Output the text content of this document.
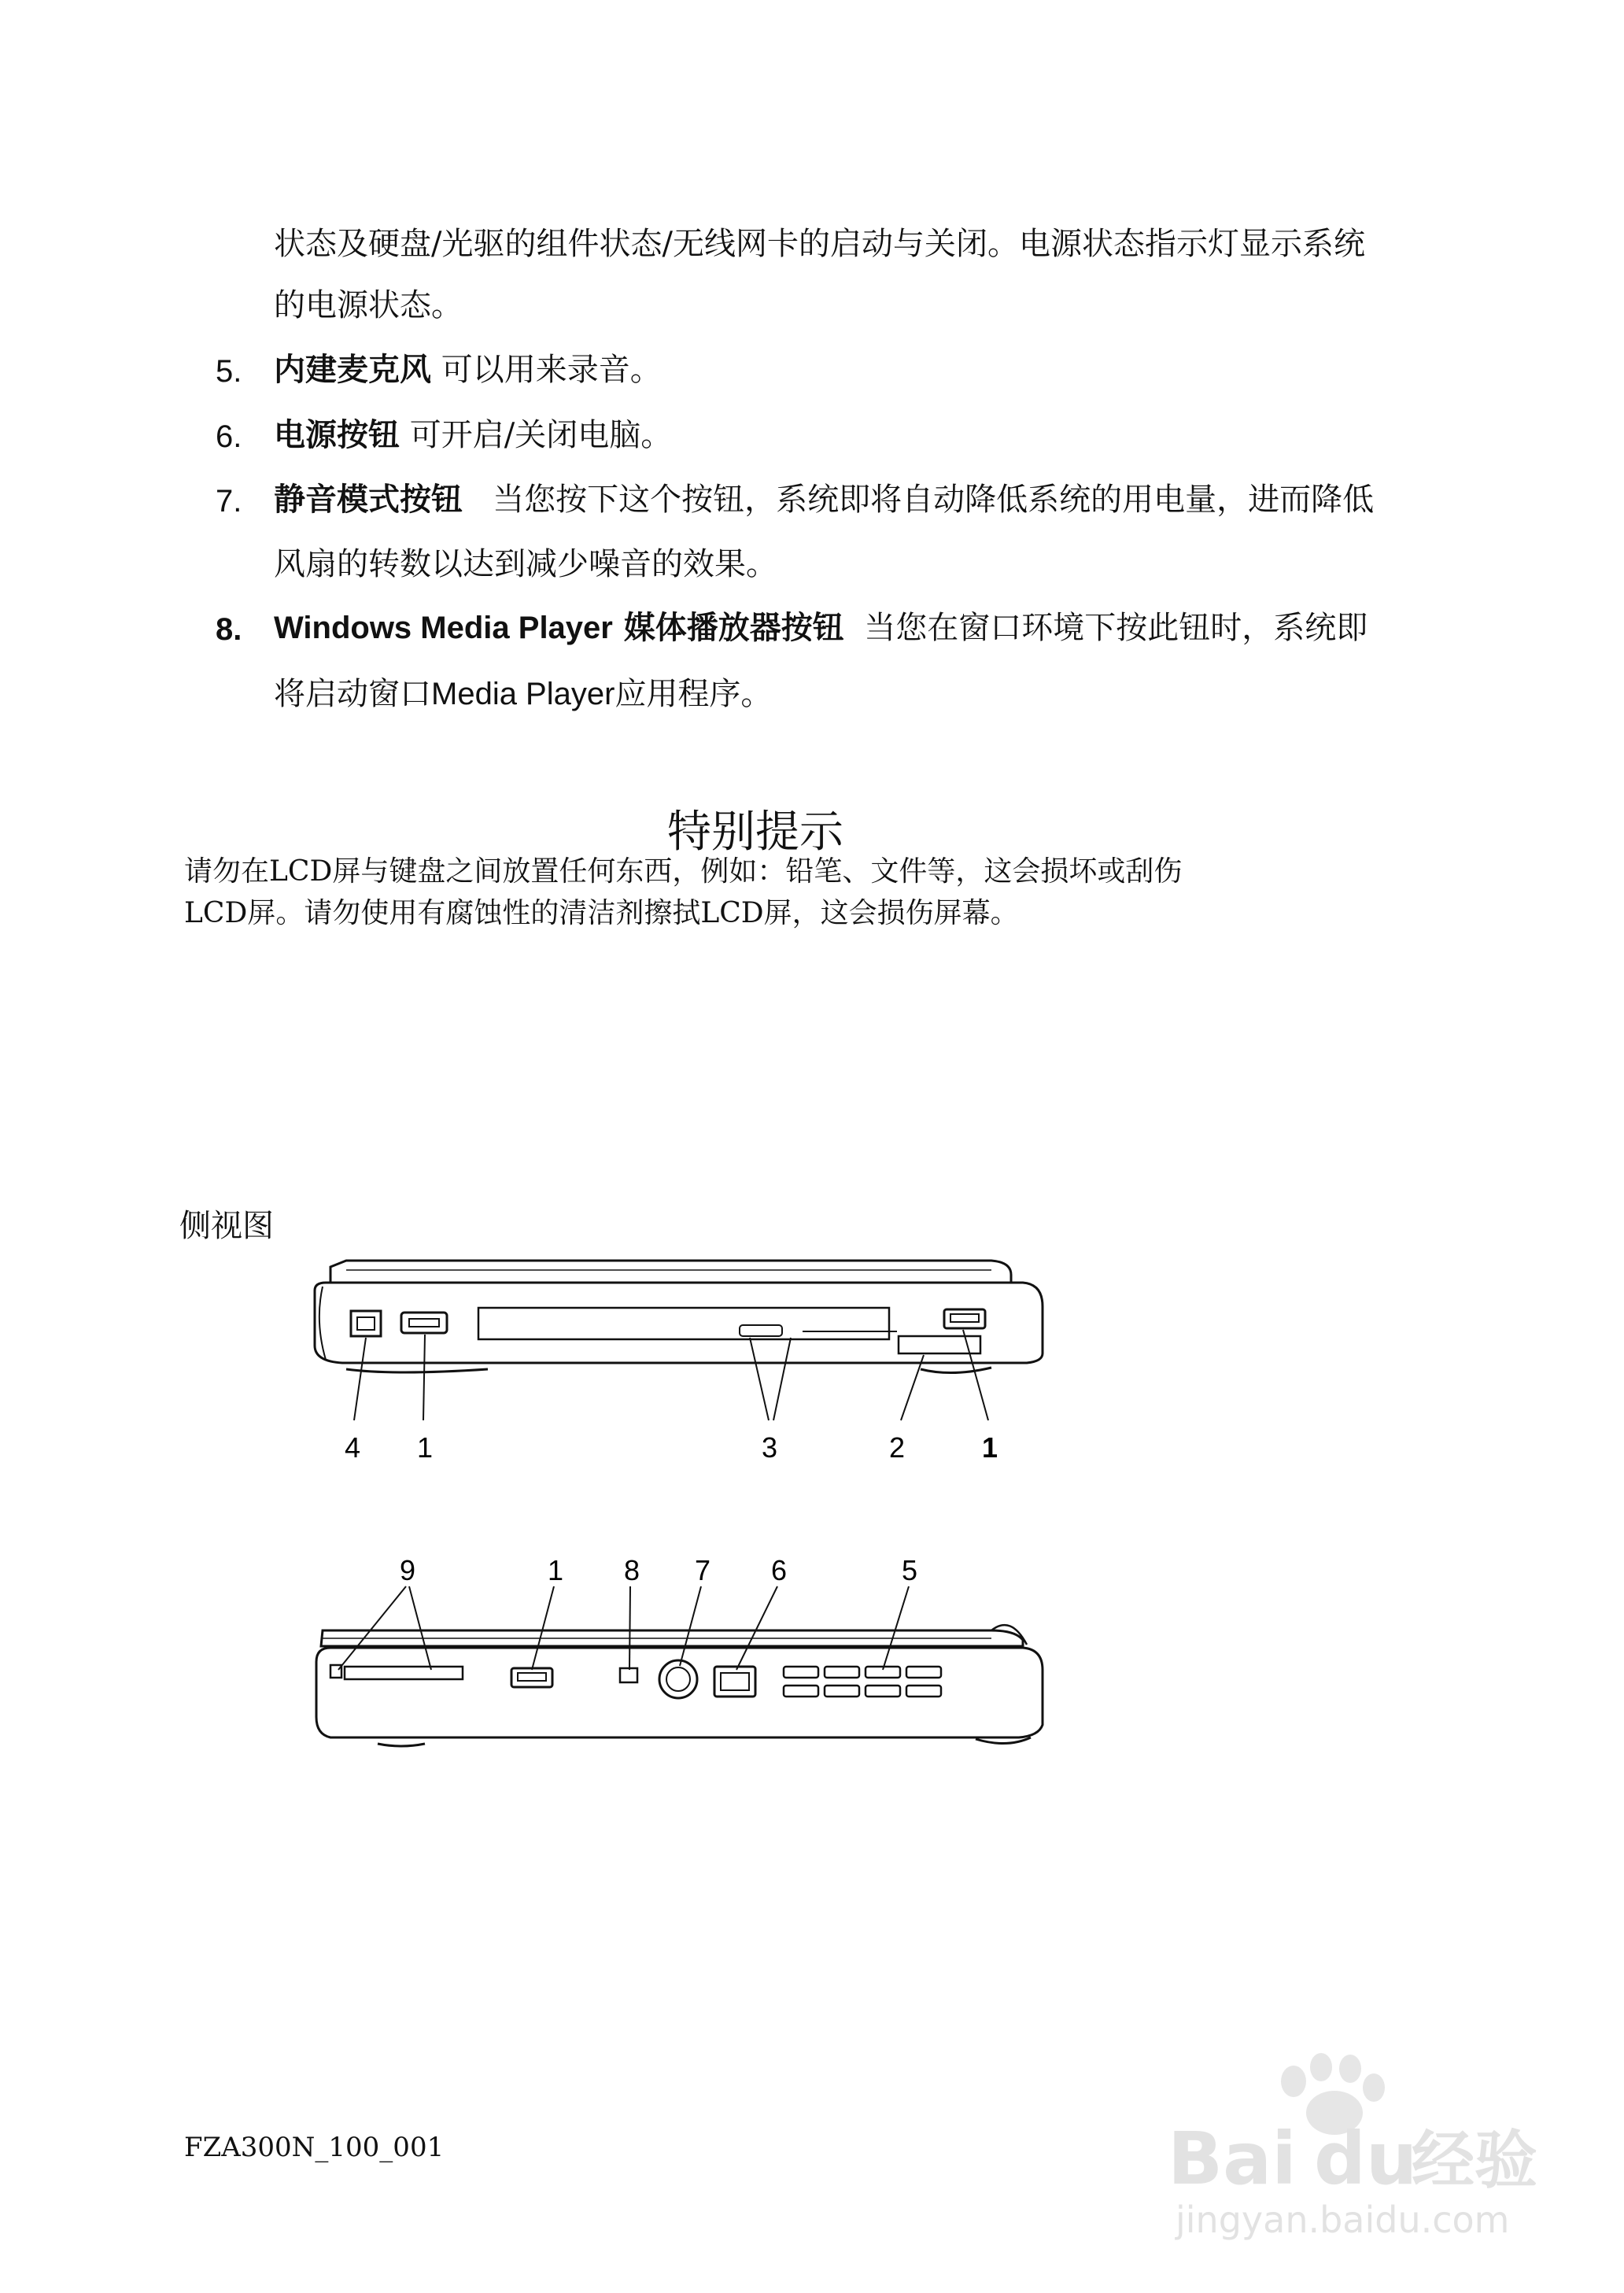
状态及硬盘/光驱的组件状态/无线网卡的启动与关闭。电源状态指示灯显示系统
的电源状态。
5. 内建麦克风 可以用来录音。
6. 电源按钮 可开启/关闭电脑。
7. 静音模式按钮   当您按下这个按钮，系统即将自动降低系统的用电量，进而降低
风扇的转数以达到减少噪音的效果。
8. Windows Media Player 媒体播放器按钮  当您在窗口环境下按此钮时，系统即
将启动窗口Media Player应用程序。
特别提示
请勿在LCD屏与键盘之间放置任何东西，例如：铅笔、文件等，这会损坏或刮伤
LCD屏。请勿使用有腐蚀性的清洁剂擦拭LCD屏，这会损伤屏幕。
侧视图
4 1	3	2	1
9	1 8 7 6	5
FZA300N_100_001	Bai du
经验
jingyan.baidu.com
